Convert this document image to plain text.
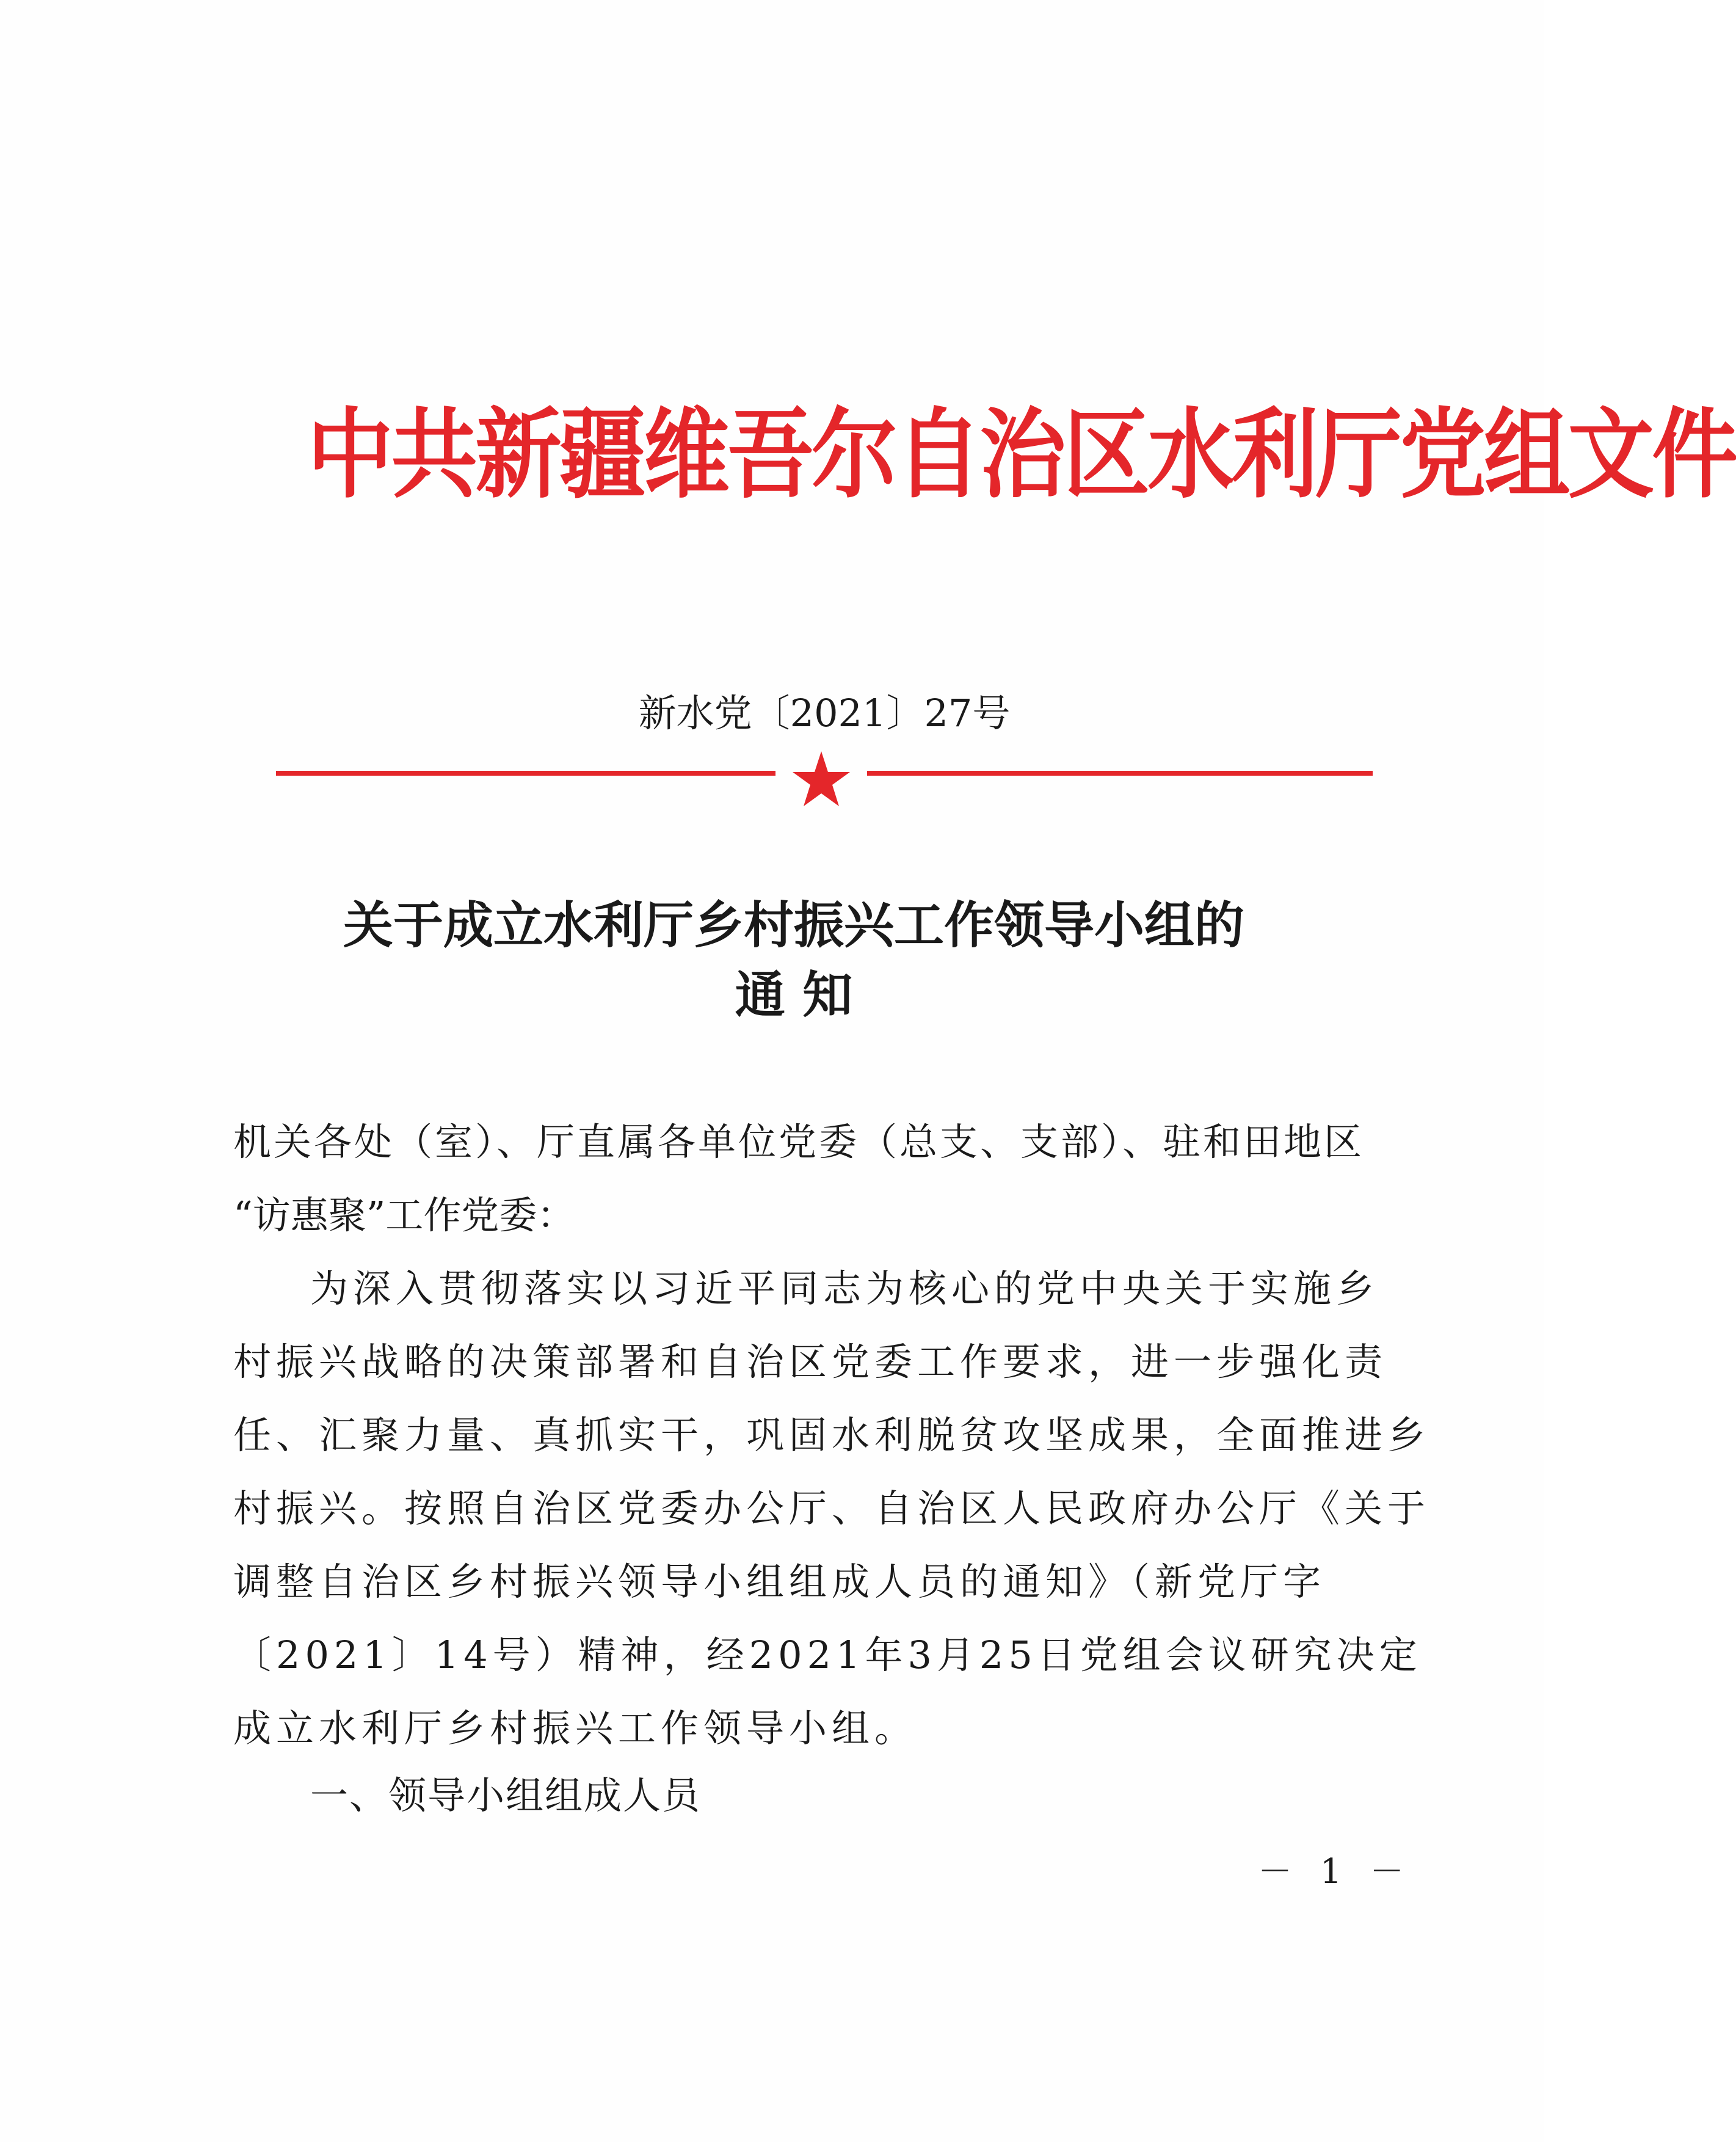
中共新疆维吾尔自治区水利厅党组文件
新水党〔2021〕27号
关于成立水利厅乡村振兴工作领导小组的
通 知
机关各处（室）、厅直属各单位党委（总支、支部）、驻和田地区
“访惠聚”工作党委：
为深入贯彻落实以习近平同志为核心的党中央关于实施乡
村振兴战略的决策部署和自治区党委工作要求，进一步强化责
任、汇聚力量、真抓实干，巩固水利脱贫攻坚成果，全面推进乡
村振兴。按照自治区党委办公厅、自治区人民政府办公厅《关于
调整自治区乡村振兴领导小组组成人员的通知》（新党厅字
〔2021〕14号）精神，经2021年3月25日党组会议研究决定
成立水利厅乡村振兴工作领导小组。
一、领导小组组成人员
－ 1 －
